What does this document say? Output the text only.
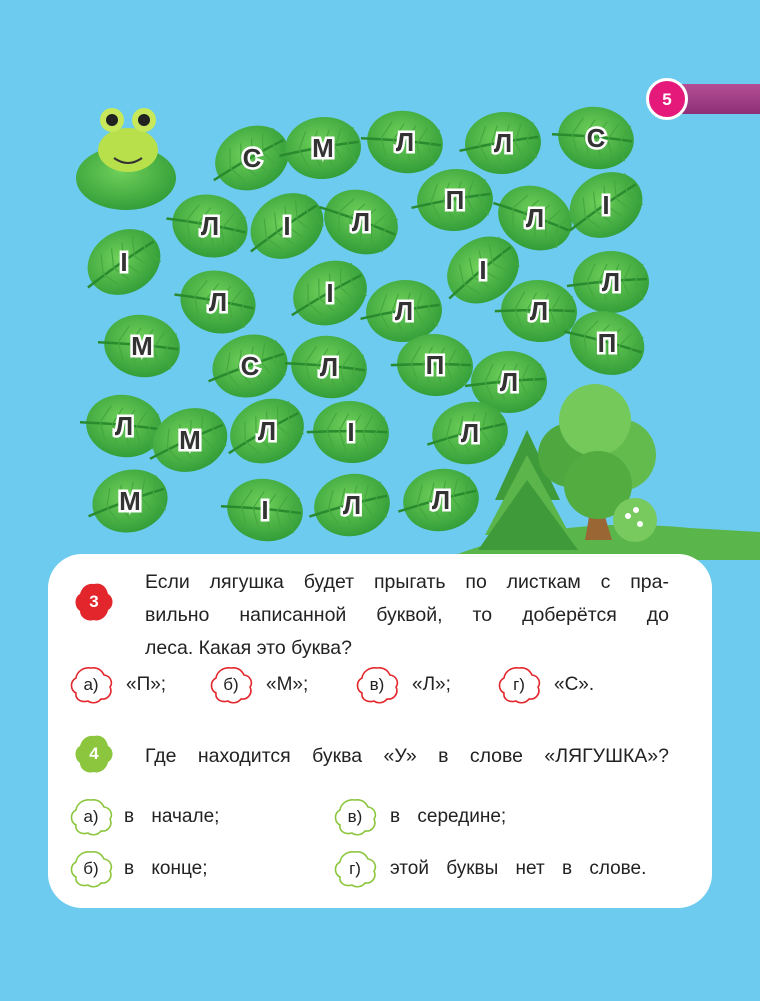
5
С М Л	Л	С
Л Ɩ Л
П
Л Ɩ
Ɩ
Л	Ɩ
Л
Ɩ
Л
Л
М
С Л	П
Л
П
Л М Л	Ɩ	Л
М	Ɩ	Л	Л
3
Если лягушка будет прыгать по листкам с пра-
вильно написанной буквой, то доберётся до
леса. Какая это буква?
а)	«П»;	б)	«М»;	в)	«Л»;	г)	«С».
4	Где находится буква «У» в слове «ЛЯГУШКА»?
а)	в начале;	в)	в середине;
б)	в конце;	г)	этой буквы нет в слове.
